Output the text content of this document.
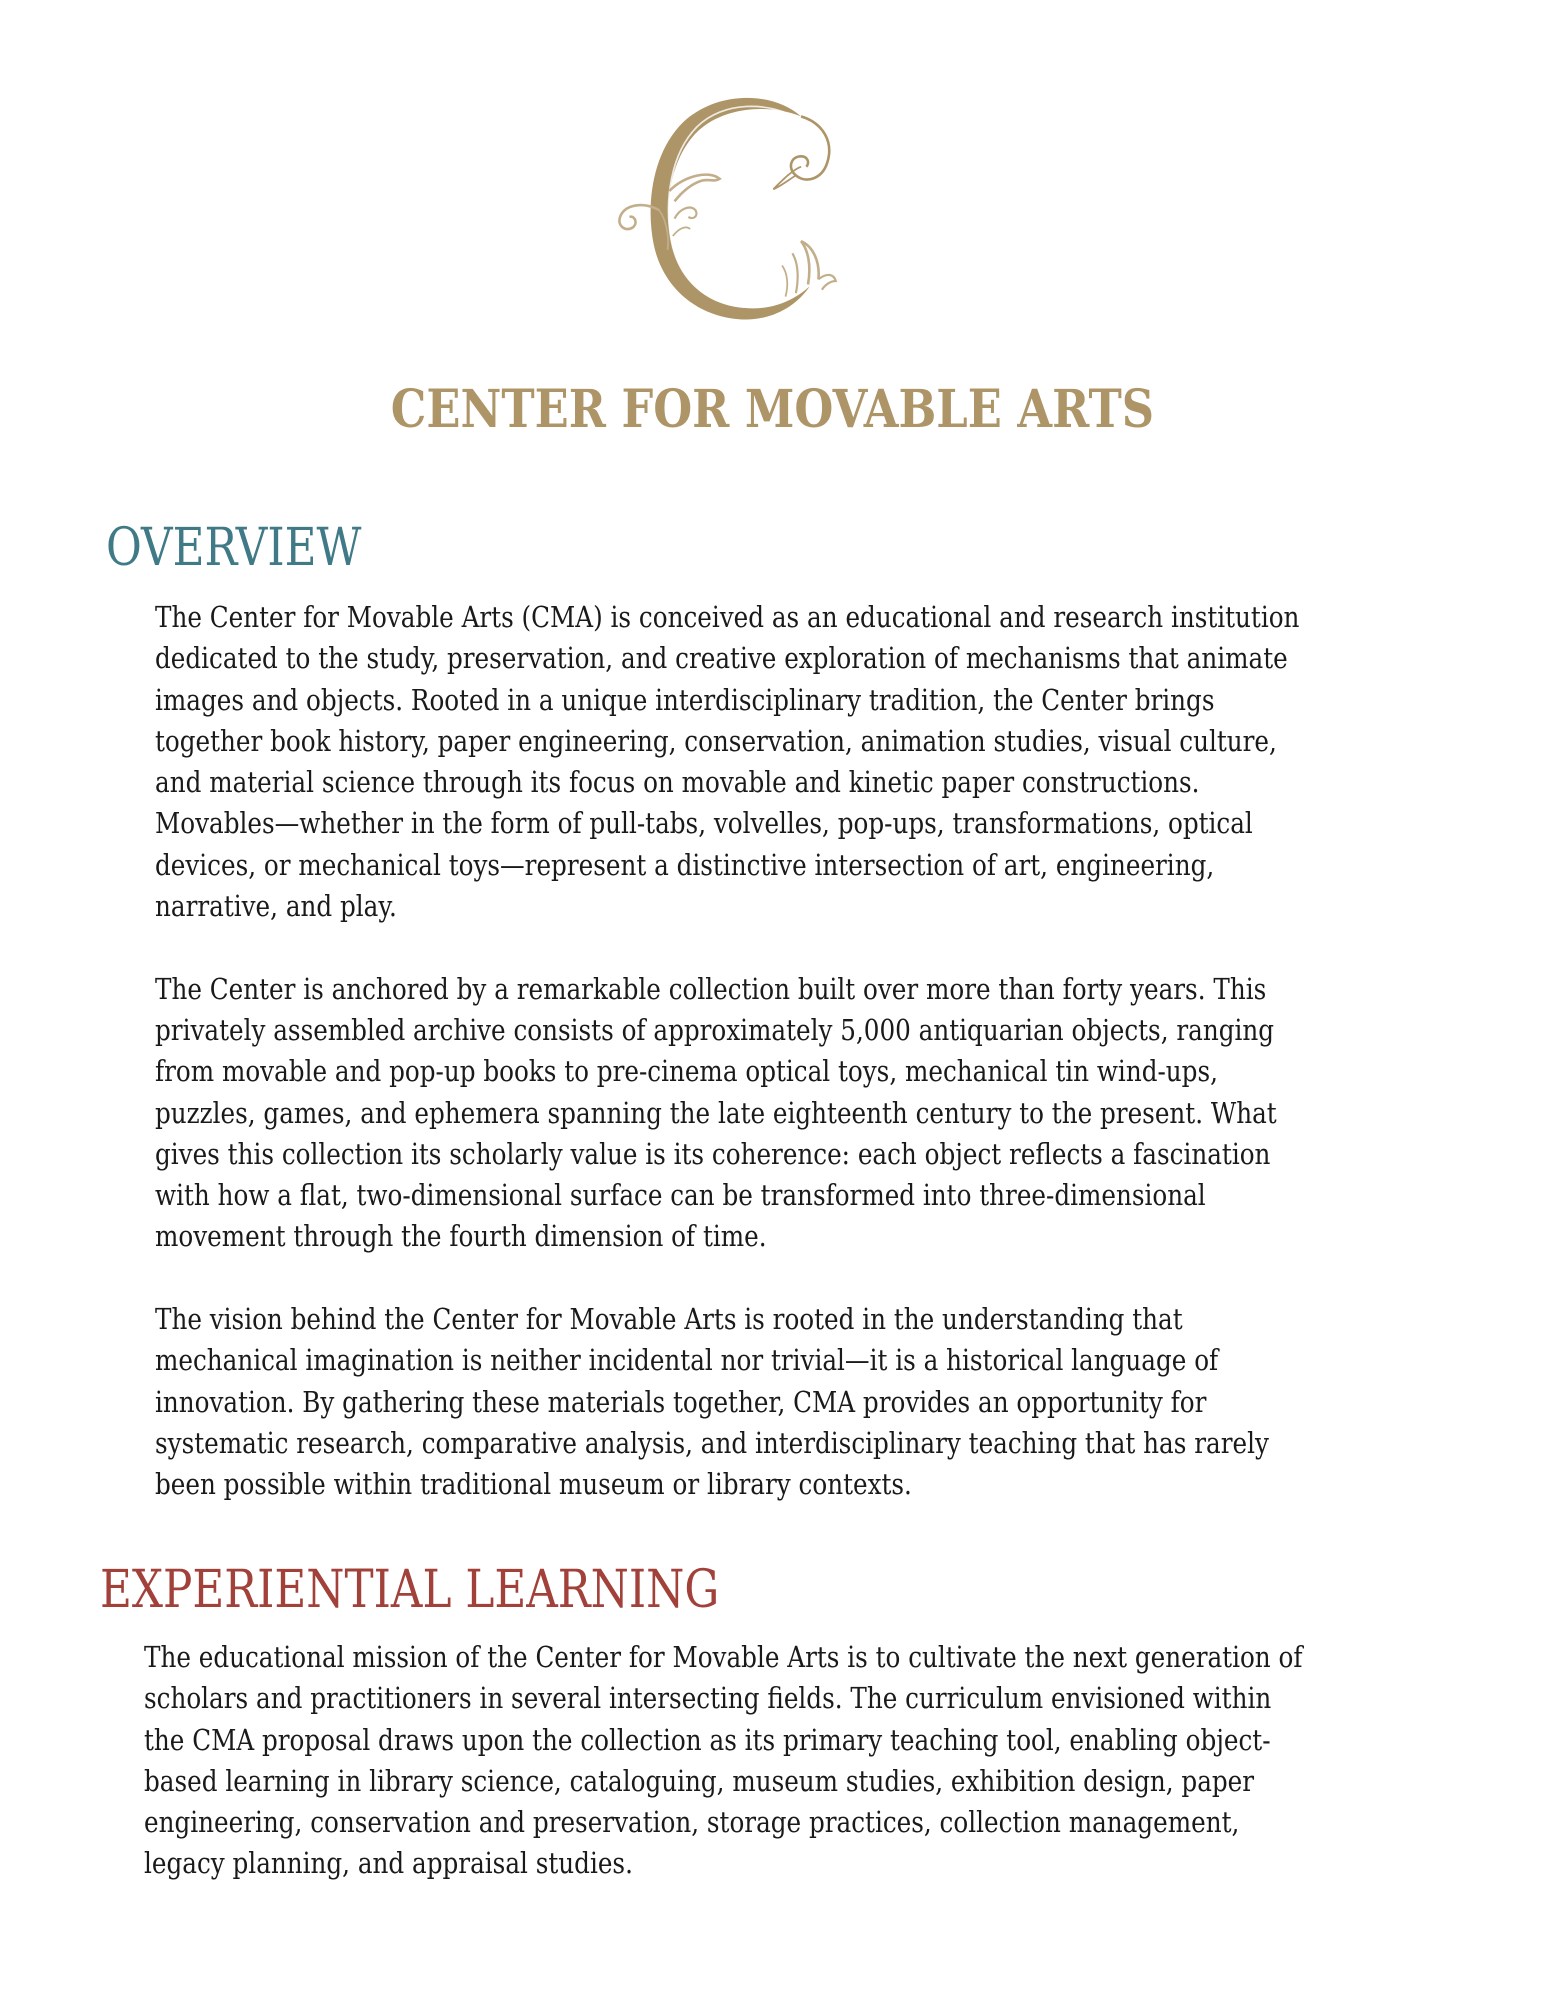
CENTER FOR MOVABLE ARTS
OVERVIEW

The Center for Movable Arts (CMA) is conceived as an educational and research institution
dedicated to the study, preservation, and creative exploration of mechanisms that animate
images and objects. Rooted in a unique interdisciplinary tradition, the Center brings
together book history, paper engineering, conservation, animation studies, visual culture,
and material science through its focus on movable and kinetic paper constructions.
Movables—whether in the form of pull-tabs, volvelles, pop-ups, transformations, optical
devices, or mechanical toys—represent a distinctive intersection of art, engineering,
narrative, and play.

The Center is anchored by a remarkable collection built over more than forty years. This
privately assembled archive consists of approximately 5,000 antiquarian objects, ranging
from movable and pop-up books to pre-cinema optical toys, mechanical tin wind-ups,
puzzles, games, and ephemera spanning the late eighteenth century to the present. What
gives this collection its scholarly value is its coherence: each object reflects a fascination
with how a flat, two-dimensional surface can be transformed into three-dimensional
movement through the fourth dimension of time.

The vision behind the Center for Movable Arts is rooted in the understanding that
mechanical imagination is neither incidental nor trivial—it is a historical language of
innovation. By gathering these materials together, CMA provides an opportunity for
systematic research, comparative analysis, and interdisciplinary teaching that has rarely
been possible within traditional museum or library contexts.

EXPERIENTIAL LEARNING

The educational mission of the Center for Movable Arts is to cultivate the next generation of
scholars and practitioners in several intersecting fields. The curriculum envisioned within
the CMA proposal draws upon the collection as its primary teaching tool, enabling object-
based learning in library science, cataloguing, museum studies, exhibition design, paper
engineering, conservation and preservation, storage practices, collection management,
legacy planning, and appraisal studies.
